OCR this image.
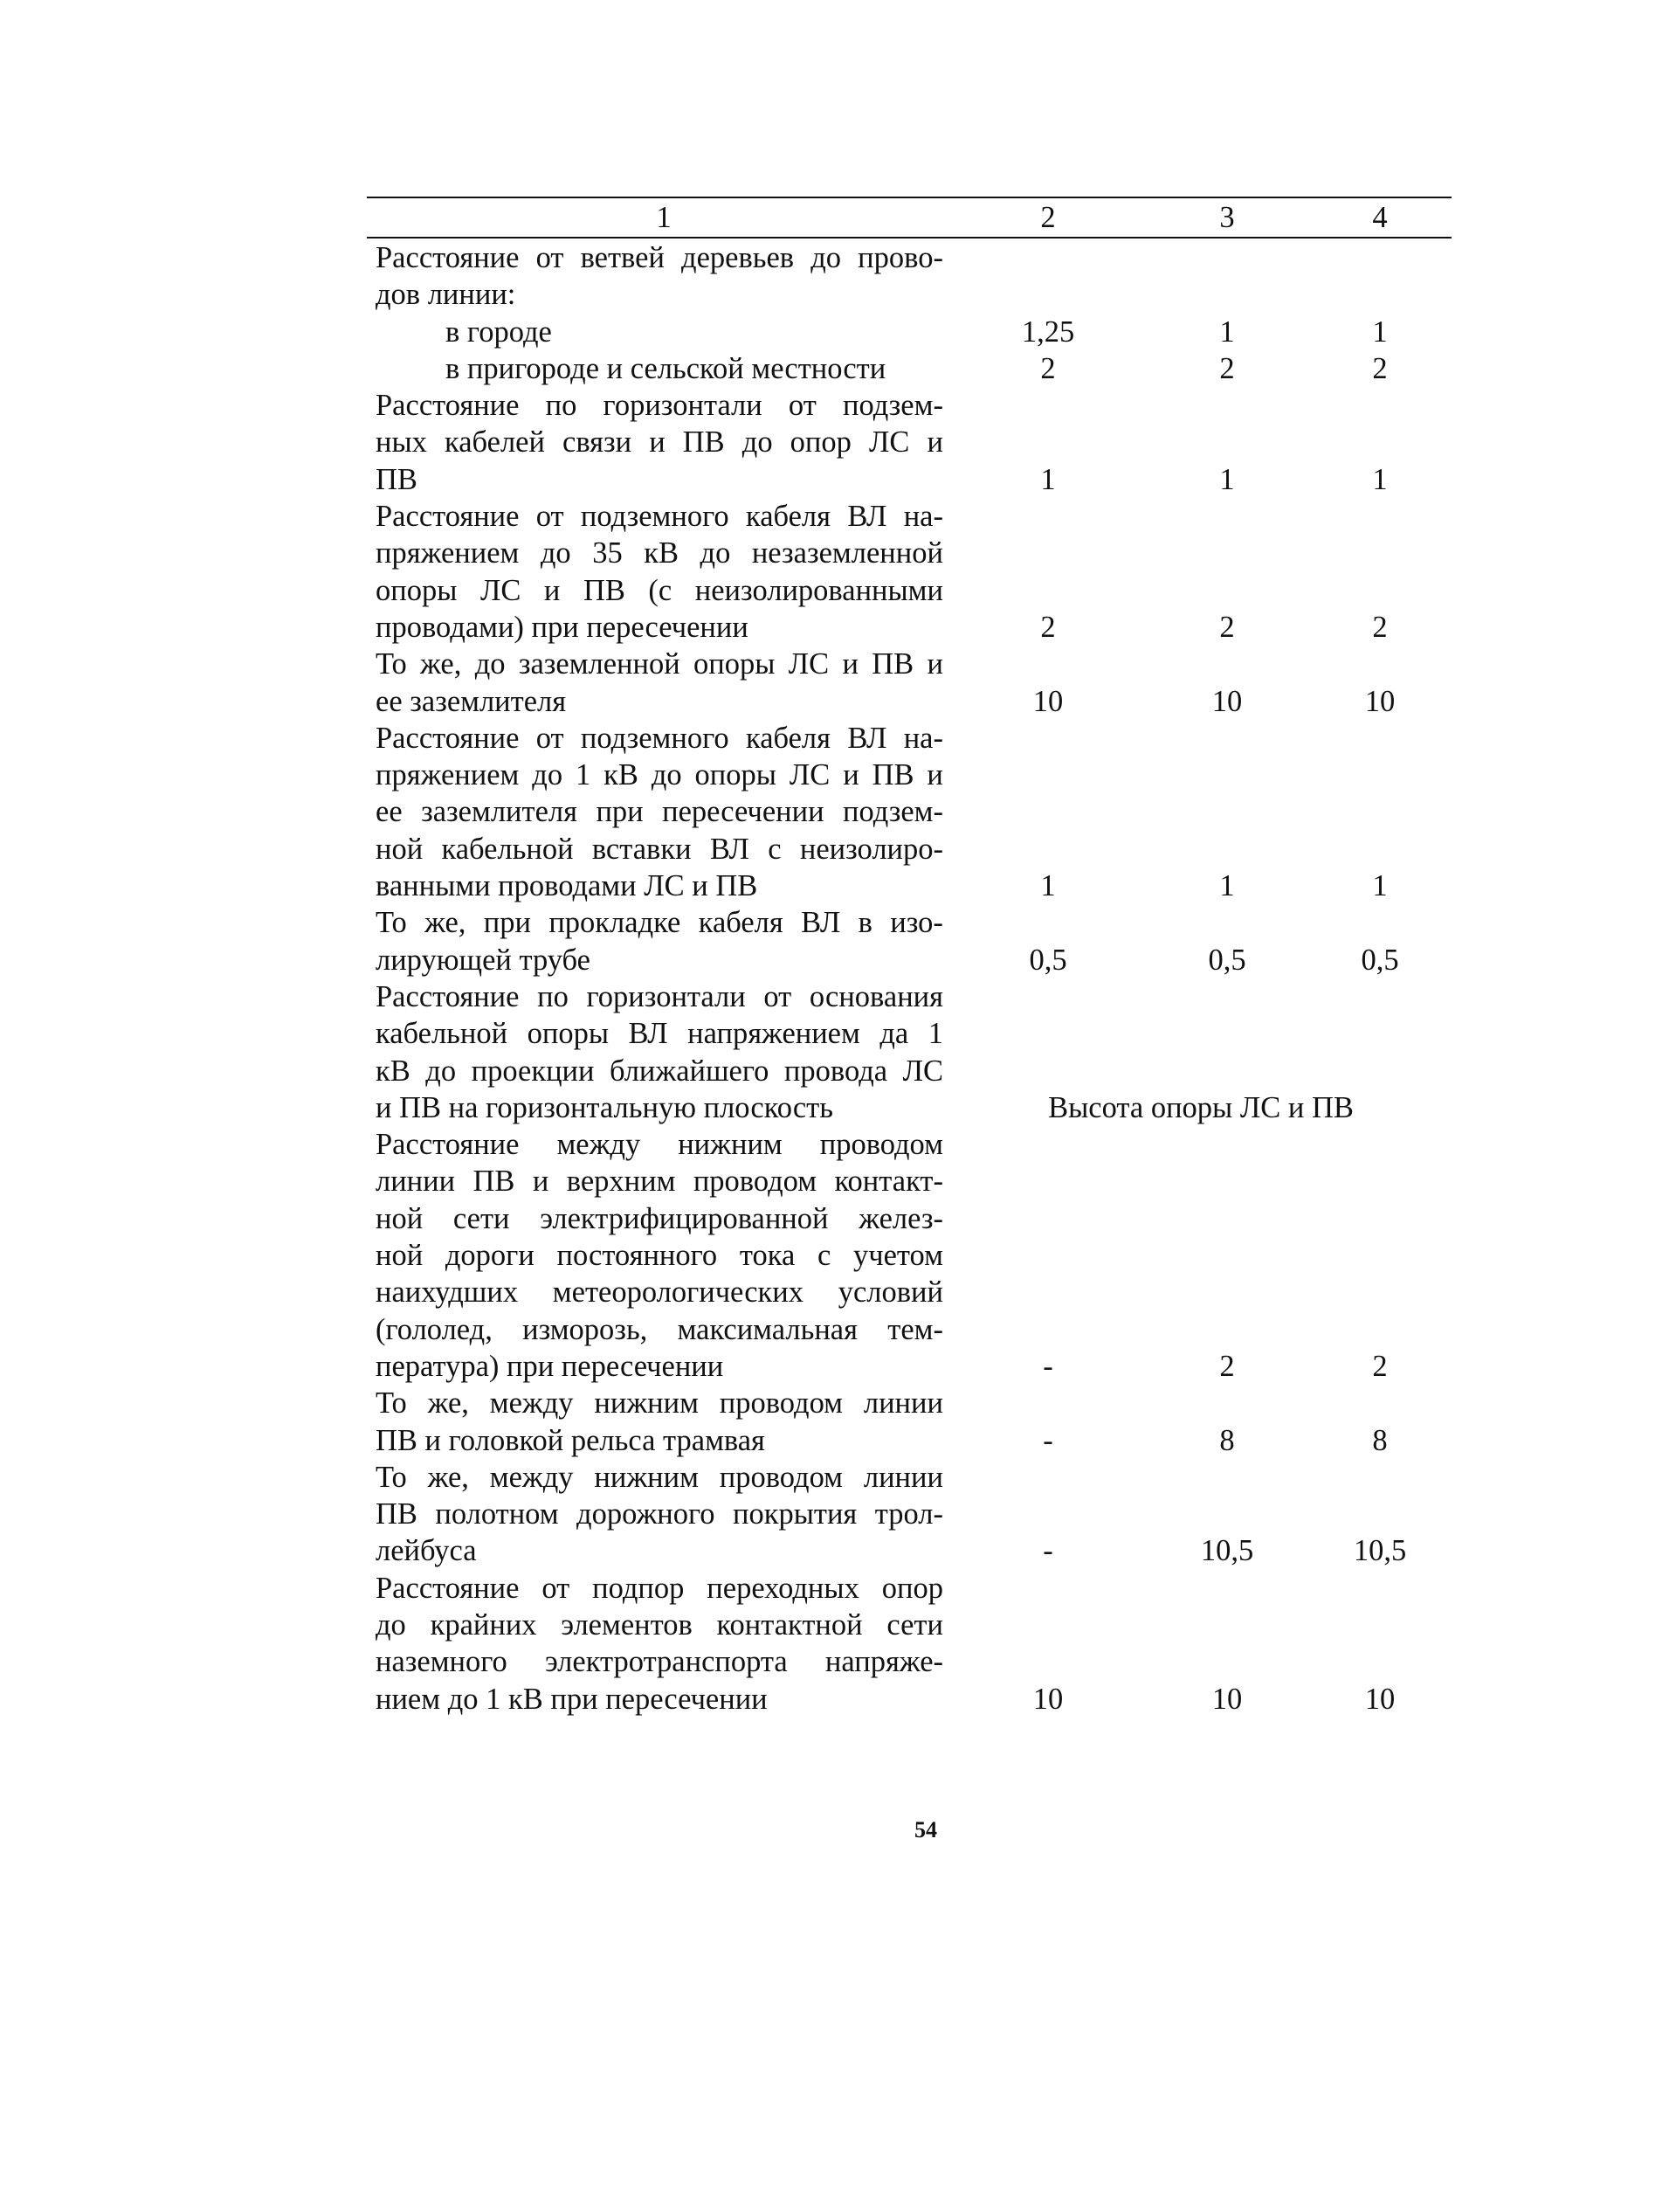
1	2	3	4
Расстояние от ветвей деревьев до прово-
дов линии:
в городе	1,25	1	1
в пригороде и сельской местности	2	2	2
Расстояние по горизонтали от подзем-
ных кабелей связи и ПВ до опор ЛС и
ПВ	1	1	1
Расстояние от подземного кабеля ВЛ на-
пряжением до 35 кВ до незаземленной
опоры ЛС и ПВ (с неизолированными
проводами) при пересечении	2	2	2
То же, до заземленной опоры ЛС и ПВ и
ее заземлителя	10	10	10
Расстояние от подземного кабеля ВЛ на-
пряжением до 1 кВ до опоры ЛС и ПВ и
ее заземлителя при пересечении подзем-
ной кабельной вставки ВЛ с неизолиро-
ванными проводами ЛС и ПВ	1	1	1
То же, при прокладке кабеля ВЛ в изо-
лирующей трубе	0,5	0,5	0,5
Расстояние по горизонтали от основания
кабельной опоры ВЛ напряжением да 1
кВ до проекции ближайшего провода ЛС
и ПВ на горизонтальную плоскость	Высота опоры ЛС и ПВ
Расстояние между нижним проводом
линии ПВ и верхним проводом контакт-
ной сети электрифицированной желез-
ной дороги постоянного тока с учетом
наихудших метеорологических условий
(гололед, изморозь, максимальная тем-
пература) при пересечении	-	2	2
То же, между нижним проводом линии
ПВ и головкой рельса трамвая	-	8	8
То же, между нижним проводом линии
ПВ полотном дорожного покрытия трол-
лейбуса	-	10,5	10,5
Расстояние от подпор переходных опор
до крайних элементов контактной сети
наземного электротранспорта напряже-
нием до 1 кВ при пересечении	10	10	10
54
